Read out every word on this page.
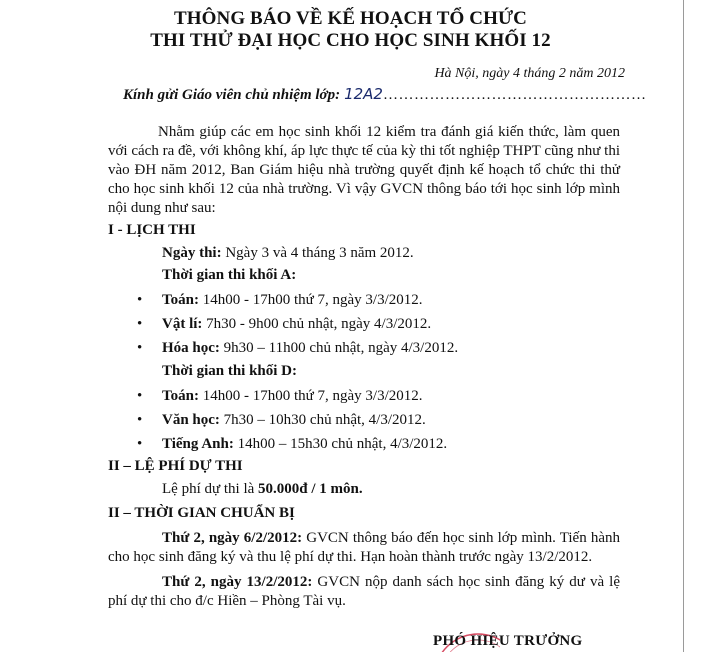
THÔNG BÁO VỀ KẾ HOẠCH TỔ CHỨC
THI THỬ ĐẠI HỌC CHO HỌC SINH KHỐI 12
Hà Nội, ngày 4 tháng 2 năm 2012
Kính gửi Giáo viên chủ nhiệm lớp: 12A2……………………………………………

Nhằm giúp các em học sinh khối 12 kiểm tra đánh giá kiến thức, làm quen với cách ra đề, với không khí, áp lực thực tế của kỳ thi tốt nghiệp THPT cũng như thi vào ĐH năm 2012, Ban Giám hiệu nhà trường quyết định kế hoạch tổ chức thi thử cho học sinh khối 12 của nhà trường. Vì vậy GVCN thông báo tới học sinh lớp mình nội dung như sau:

I - LỊCH THI

Ngày thi: Ngày 3 và 4 tháng 3 năm 2012.

Thời gian thi khối A:

• Toán: 14h00 - 17h00 thứ 7, ngày 3/3/2012.

• Vật lí: 7h30 - 9h00 chủ nhật, ngày 4/3/2012.

• Hóa học: 9h30 – 11h00 chủ nhật, ngày 4/3/2012.

Thời gian thi khối D:

• Toán: 14h00 - 17h00 thứ 7, ngày 3/3/2012.

• Văn học: 7h30 – 10h30 chủ nhật, 4/3/2012.

• Tiếng Anh: 14h00 – 15h30 chủ nhật, 4/3/2012.

II – LỆ PHÍ DỰ THI

Lệ phí dự thi là 50.000đ / 1 môn.

II – THỜI GIAN CHUẨN BỊ

Thứ 2, ngày 6/2/2012: GVCN thông báo đến học sinh lớp mình. Tiến hành cho học sinh đăng ký và thu lệ phí dự thi. Hạn hoàn thành trước ngày 13/2/2012.

Thứ 2, ngày 13/2/2012: GVCN nộp danh sách học sinh đăng ký dư và lệ phí dự thi cho đ/c Hiền – Phòng Tài vụ.

PHÓ HIỆU TRƯỞNG
